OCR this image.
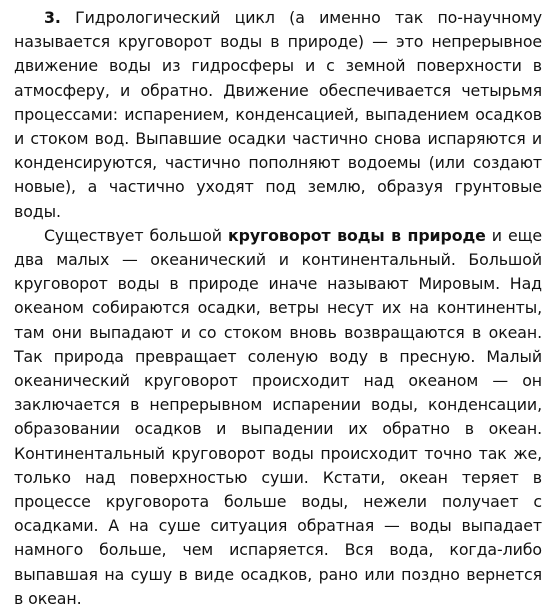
3. Гидрологический цикл (а именно так по-научному называется круговорот воды в природе) — это непрерывное движение воды из гидросферы и с земной поверхности в атмосферу, и обратно. Движение обеспечивается четырьмя процессами: испарением, конденсацией, выпадением осадков и стоком вод. Выпавшие осадки частично снова испаряются и конденсируются, частично пополняют водоемы (или создают новые), а частично уходят под землю, образуя грунтовые воды.

Существует большой круговорот воды в природе и еще два малых — океанический и континентальный. Большой круговорот воды в природе иначе называют Мировым. Над океаном собираются осадки, ветры несут их на континенты, там они выпадают и со стоком вновь возвращаются в океан. Так природа превращает соленую воду в пресную. Малый океанический круговорот происходит над океаном — он заключается в непрерывном испарении воды, конденсации, образовании осадков и выпадении их обратно в океан. Континентальный круговорот воды происходит точно так же, только над поверхностью суши. Кстати, океан теряет в процессе круговорота больше воды, нежели получает с осадками. А на суше ситуация обратная — воды выпадает намного больше, чем испаряется. Вся вода, когда-либо выпавшая на сушу в виде осадков, рано или поздно вернется в океан.
